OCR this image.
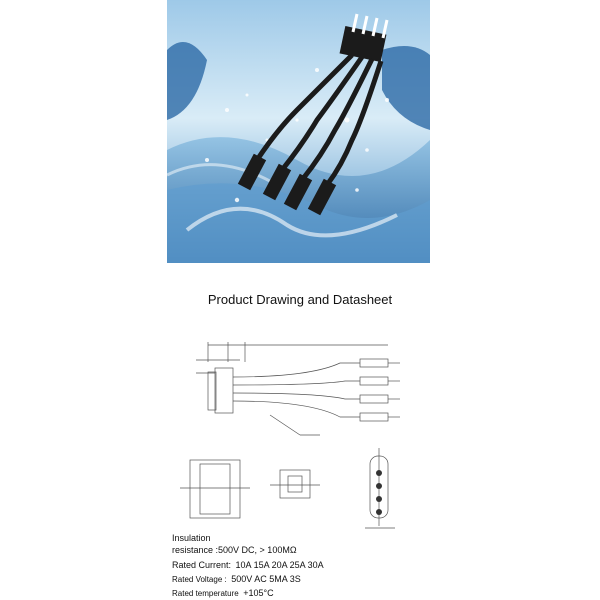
Product Drawing and Datasheet
Insulation
resistance :500V DC, > 100MΩ
Rated Current: 10A 15A 20A 25A 30A
Rated Voltage : 500V AC 5MA 3S
Rated temperature +105°C
